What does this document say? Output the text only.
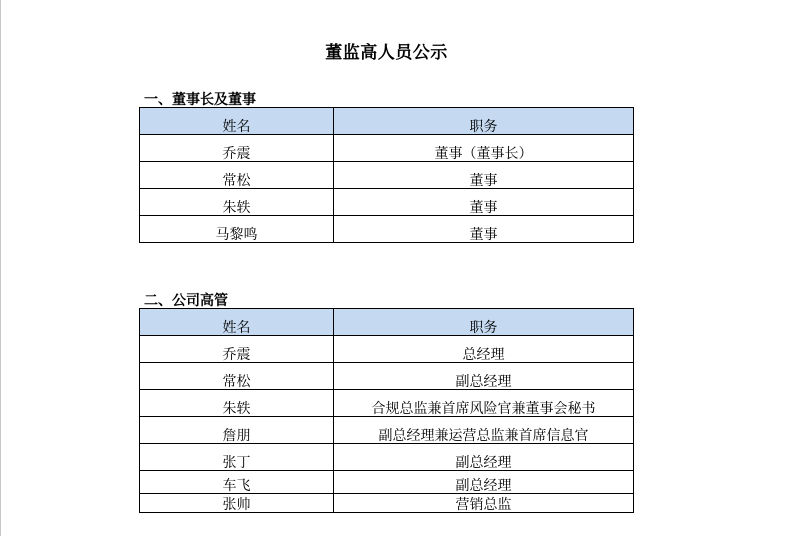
董监高人员公示
一、董事长及董事
姓名	职务
乔震	董事（董事长）
常松	董事
朱轶	董事
马黎鸣	董事
二、公司高管
姓名	职务
乔震	总经理
常松	副总经理
朱轶	合规总监兼首席风险官兼董事会秘书
詹朋	副总经理兼运营总监兼首席信息官
张丁	副总经理
车飞	副总经理
张帅	营销总监
